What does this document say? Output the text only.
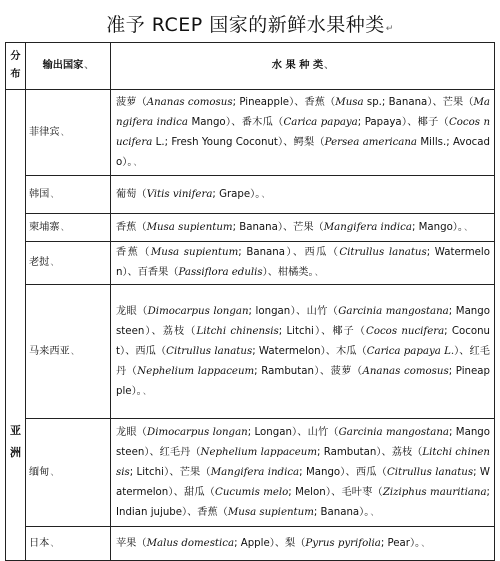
准予 RCEP 国家的新鲜水果种类↵
分布	输出国家、	水 果 种 类、

亚洲	菲律宾、	菠萝（Ananas comosus; Pineapple）、香蕉（Musa sp.; Banana）、芒果（Mangifera indica Mango）、番木瓜（Carica papaya; Papaya）、椰子（Cocos nucifera L.; Fresh Young Coconut）、鳄梨（Persea americana Mills.; Avocado）。、
	韩国、	葡萄（Vitis vinifera; Grape）。、
	柬埔寨、	香蕉（Musa supientum; Banana）、芒果（Mangifera indica; Mango）。、
	老挝、	香蕉（Musa supientum; Banana）、西瓜（Citrullus lanatus; Watermelon）、百香果（Passiflora edulis）、柑橘类。、
	马来西亚、	龙眼（Dimocarpus longan; longan）、山竹（Garcinia mangostana; Mangosteen）、荔枝（Litchi chinensis; Litchi）、椰子（Cocos nucifera; Coconut）、西瓜（Citrullus lanatus; Watermelon）、木瓜（Carica papaya L.）、红毛丹（Nephelium lappaceum; Rambutan）、菠萝（Ananas comosus; Pineapple）。、
	缅甸、	龙眼（Dimocarpus longan; Longan）、山竹（Garcinia mangostana; Mangosteen）、红毛丹（Nephelium lappaceum; Rambutan）、荔枝（Litchi chinensis; Litchi）、芒果（Mangifera indica; Mango）、西瓜（Citrullus lanatus; Watermelon）、甜瓜（Cucumis melo; Melon）、毛叶枣（Ziziphus mauritiana; Indian jujube）、香蕉（Musa supientum; Banana）。、
	日本、	苹果（Malus domestica; Apple）、梨（Pyrus pyrifolia; Pear）。、
